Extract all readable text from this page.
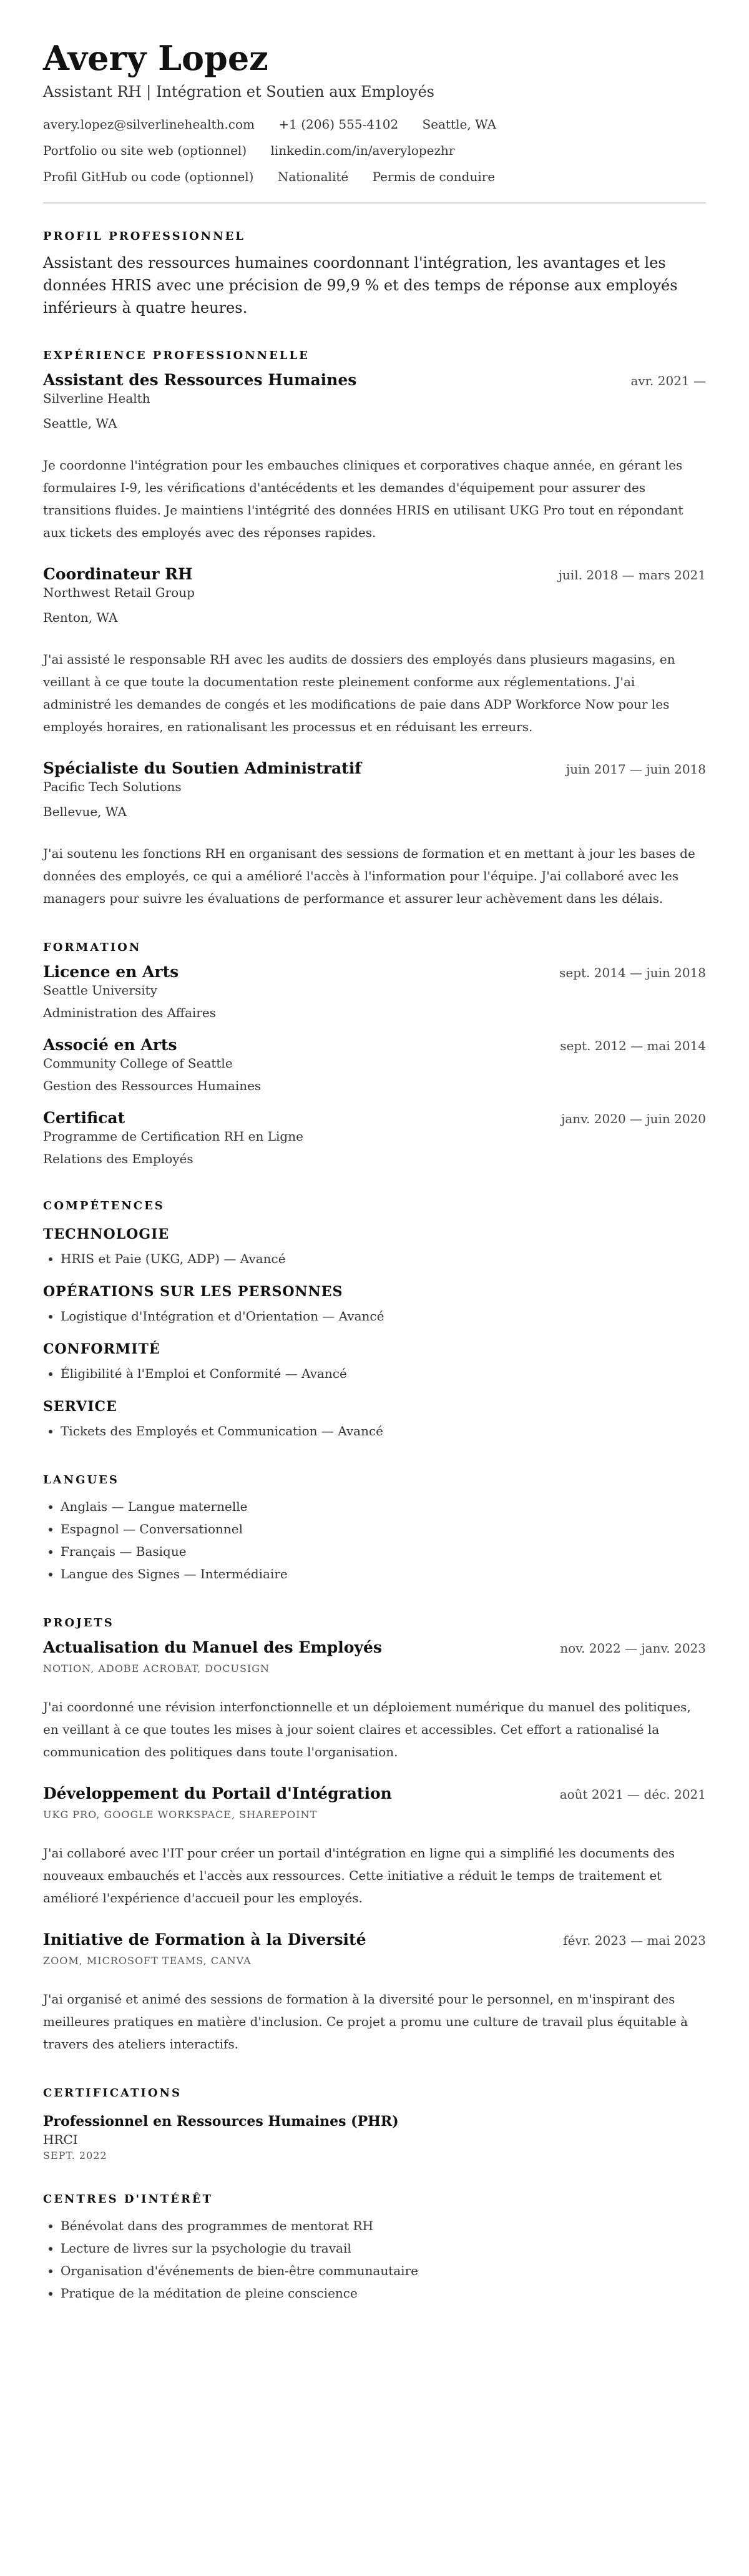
Avery Lopez
Assistant RH | Intégration et Soutien aux Employés
avery.lopez@silverlinehealth.com +1 (206) 555-4102 Seattle, WA
Portfolio ou site web (optionnel) linkedin.com/in/averylopezhr
Profil GitHub ou code (optionnel) Nationalité Permis de conduire
PROFIL PROFESSIONNEL

Assistant des ressources humaines coordonnant l'intégration, les avantages et les données HRIS avec une précision de 99,9 % et des temps de réponse aux employés inférieurs à quatre heures.

EXPÉRIENCE PROFESSIONNELLE
Assistant des Ressources Humaines	avr. 2021 —
Silverline Health
Seattle, WA
Je coordonne l'intégration pour les embauches cliniques et corporatives chaque année, en gérant les formulaires I-9, les vérifications d'antécédents et les demandes d'équipement pour assurer des transitions fluides. Je maintiens l'intégrité des données HRIS en utilisant UKG Pro tout en répondant aux tickets des employés avec des réponses rapides.
Coordinateur RH	juil. 2018 — mars 2021
Northwest Retail Group
Renton, WA
J'ai assisté le responsable RH avec les audits de dossiers des employés dans plusieurs magasins, en veillant à ce que toute la documentation reste pleinement conforme aux réglementations. J'ai administré les demandes de congés et les modifications de paie dans ADP Workforce Now pour les employés horaires, en rationalisant les processus et en réduisant les erreurs.
Spécialiste du Soutien Administratif	juin 2017 — juin 2018
Pacific Tech Solutions
Bellevue, WA
J'ai soutenu les fonctions RH en organisant des sessions de formation et en mettant à jour les bases de données des employés, ce qui a amélioré l'accès à l'information pour l'équipe. J'ai collaboré avec les managers pour suivre les évaluations de performance et assurer leur achèvement dans les délais.
FORMATION
Licence en Arts	sept. 2014 — juin 2018
Seattle University
Administration des Affaires
Associé en Arts	sept. 2012 — mai 2014
Community College of Seattle
Gestion des Ressources Humaines
Certificat	janv. 2020 — juin 2020
Programme de Certification RH en Ligne
Relations des Employés
COMPÉTENCES
TECHNOLOGIE
• HRIS et Paie (UKG, ADP) — Avancé
OPÉRATIONS SUR LES PERSONNES
• Logistique d'Intégration et d'Orientation — Avancé
CONFORMITÉ
• Éligibilité à l'Emploi et Conformité — Avancé
SERVICE
• Tickets des Employés et Communication — Avancé
LANGUES
• Anglais — Langue maternelle
• Espagnol — Conversationnel
• Français — Basique
• Langue des Signes — Intermédiaire
PROJETS
Actualisation du Manuel des Employés	nov. 2022 — janv. 2023
NOTION, ADOBE ACROBAT, DOCUSIGN
J'ai coordonné une révision interfonctionnelle et un déploiement numérique du manuel des politiques, en veillant à ce que toutes les mises à jour soient claires et accessibles. Cet effort a rationalisé la communication des politiques dans toute l'organisation.
Développement du Portail d'Intégration	août 2021 — déc. 2021
UKG PRO, GOOGLE WORKSPACE, SHAREPOINT
J'ai collaboré avec l'IT pour créer un portail d'intégration en ligne qui a simplifié les documents des nouveaux embauchés et l'accès aux ressources. Cette initiative a réduit le temps de traitement et amélioré l'expérience d'accueil pour les employés.
Initiative de Formation à la Diversité	févr. 2023 — mai 2023
ZOOM, MICROSOFT TEAMS, CANVA
J'ai organisé et animé des sessions de formation à la diversité pour le personnel, en m'inspirant des meilleures pratiques en matière d'inclusion. Ce projet a promu une culture de travail plus équitable à travers des ateliers interactifs.
CERTIFICATIONS
Professionnel en Ressources Humaines (PHR)
HRCI
SEPT. 2022
CENTRES D'INTÉRÊT
• Bénévolat dans des programmes de mentorat RH
• Lecture de livres sur la psychologie du travail
• Organisation d'événements de bien-être communautaire
• Pratique de la méditation de pleine conscience
